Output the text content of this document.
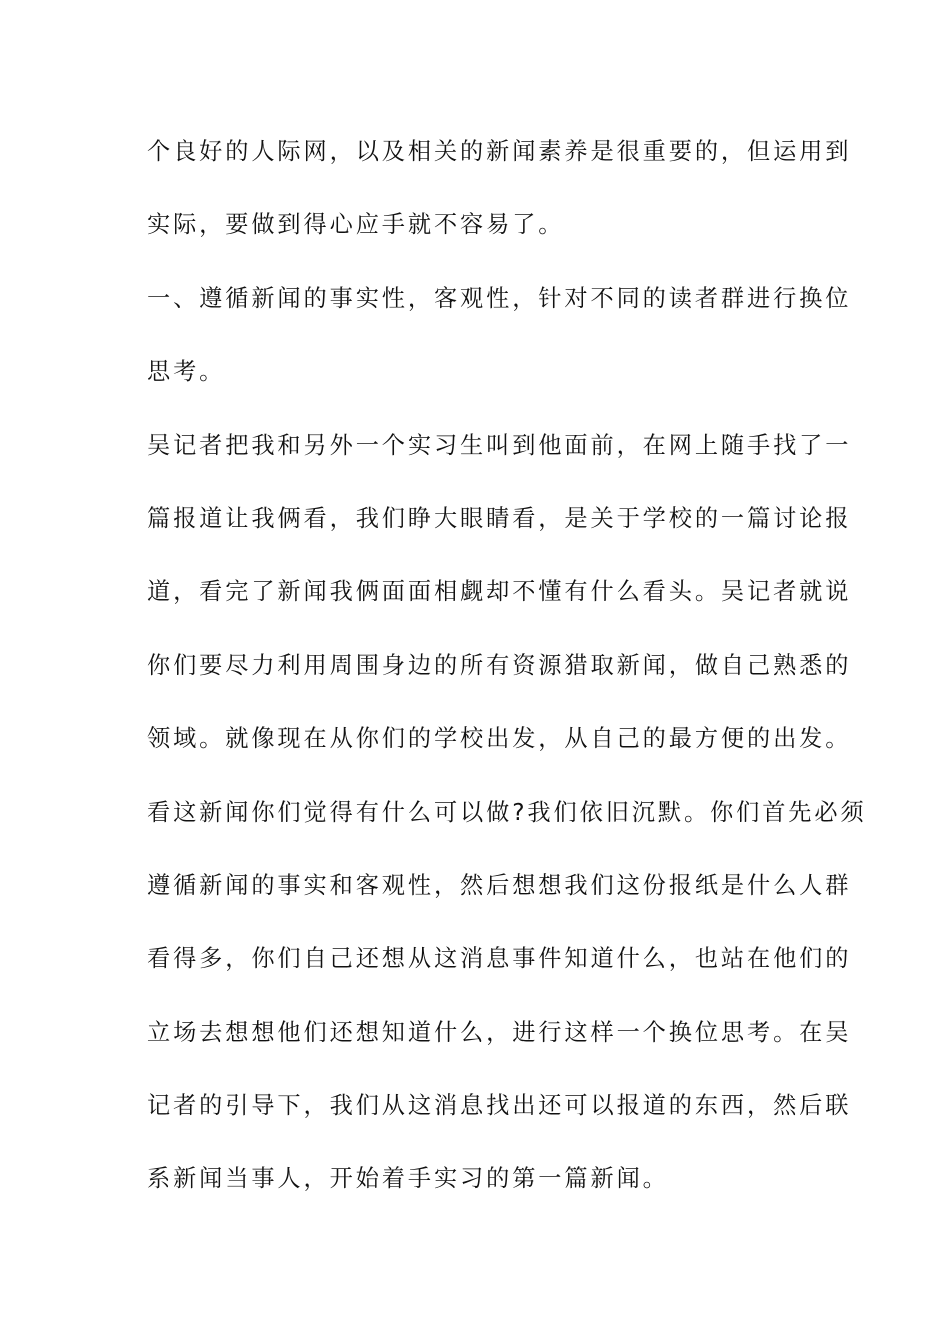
个良好的人际网，以及相关的新闻素养是很重要的，但运用到
实际，要做到得心应手就不容易了。
一、遵循新闻的事实性，客观性，针对不同的读者群进行换位
思考。
吴记者把我和另外一个实习生叫到他面前，在网上随手找了一
篇报道让我俩看，我们睁大眼睛看，是关于学校的一篇讨论报
道，看完了新闻我俩面面相觑却不懂有什么看头。吴记者就说
你们要尽力利用周围身边的所有资源猎取新闻，做自己熟悉的
领域。就像现在从你们的学校出发，从自己的最方便的出发。
看这新闻你们觉得有什么可以做?我们依旧沉默。你们首先必须
遵循新闻的事实和客观性，然后想想我们这份报纸是什么人群
看得多，你们自己还想从这消息事件知道什么，也站在他们的
立场去想想他们还想知道什么，进行这样一个换位思考。在吴
记者的引导下，我们从这消息找出还可以报道的东西，然后联
系新闻当事人，开始着手实习的第一篇新闻。
